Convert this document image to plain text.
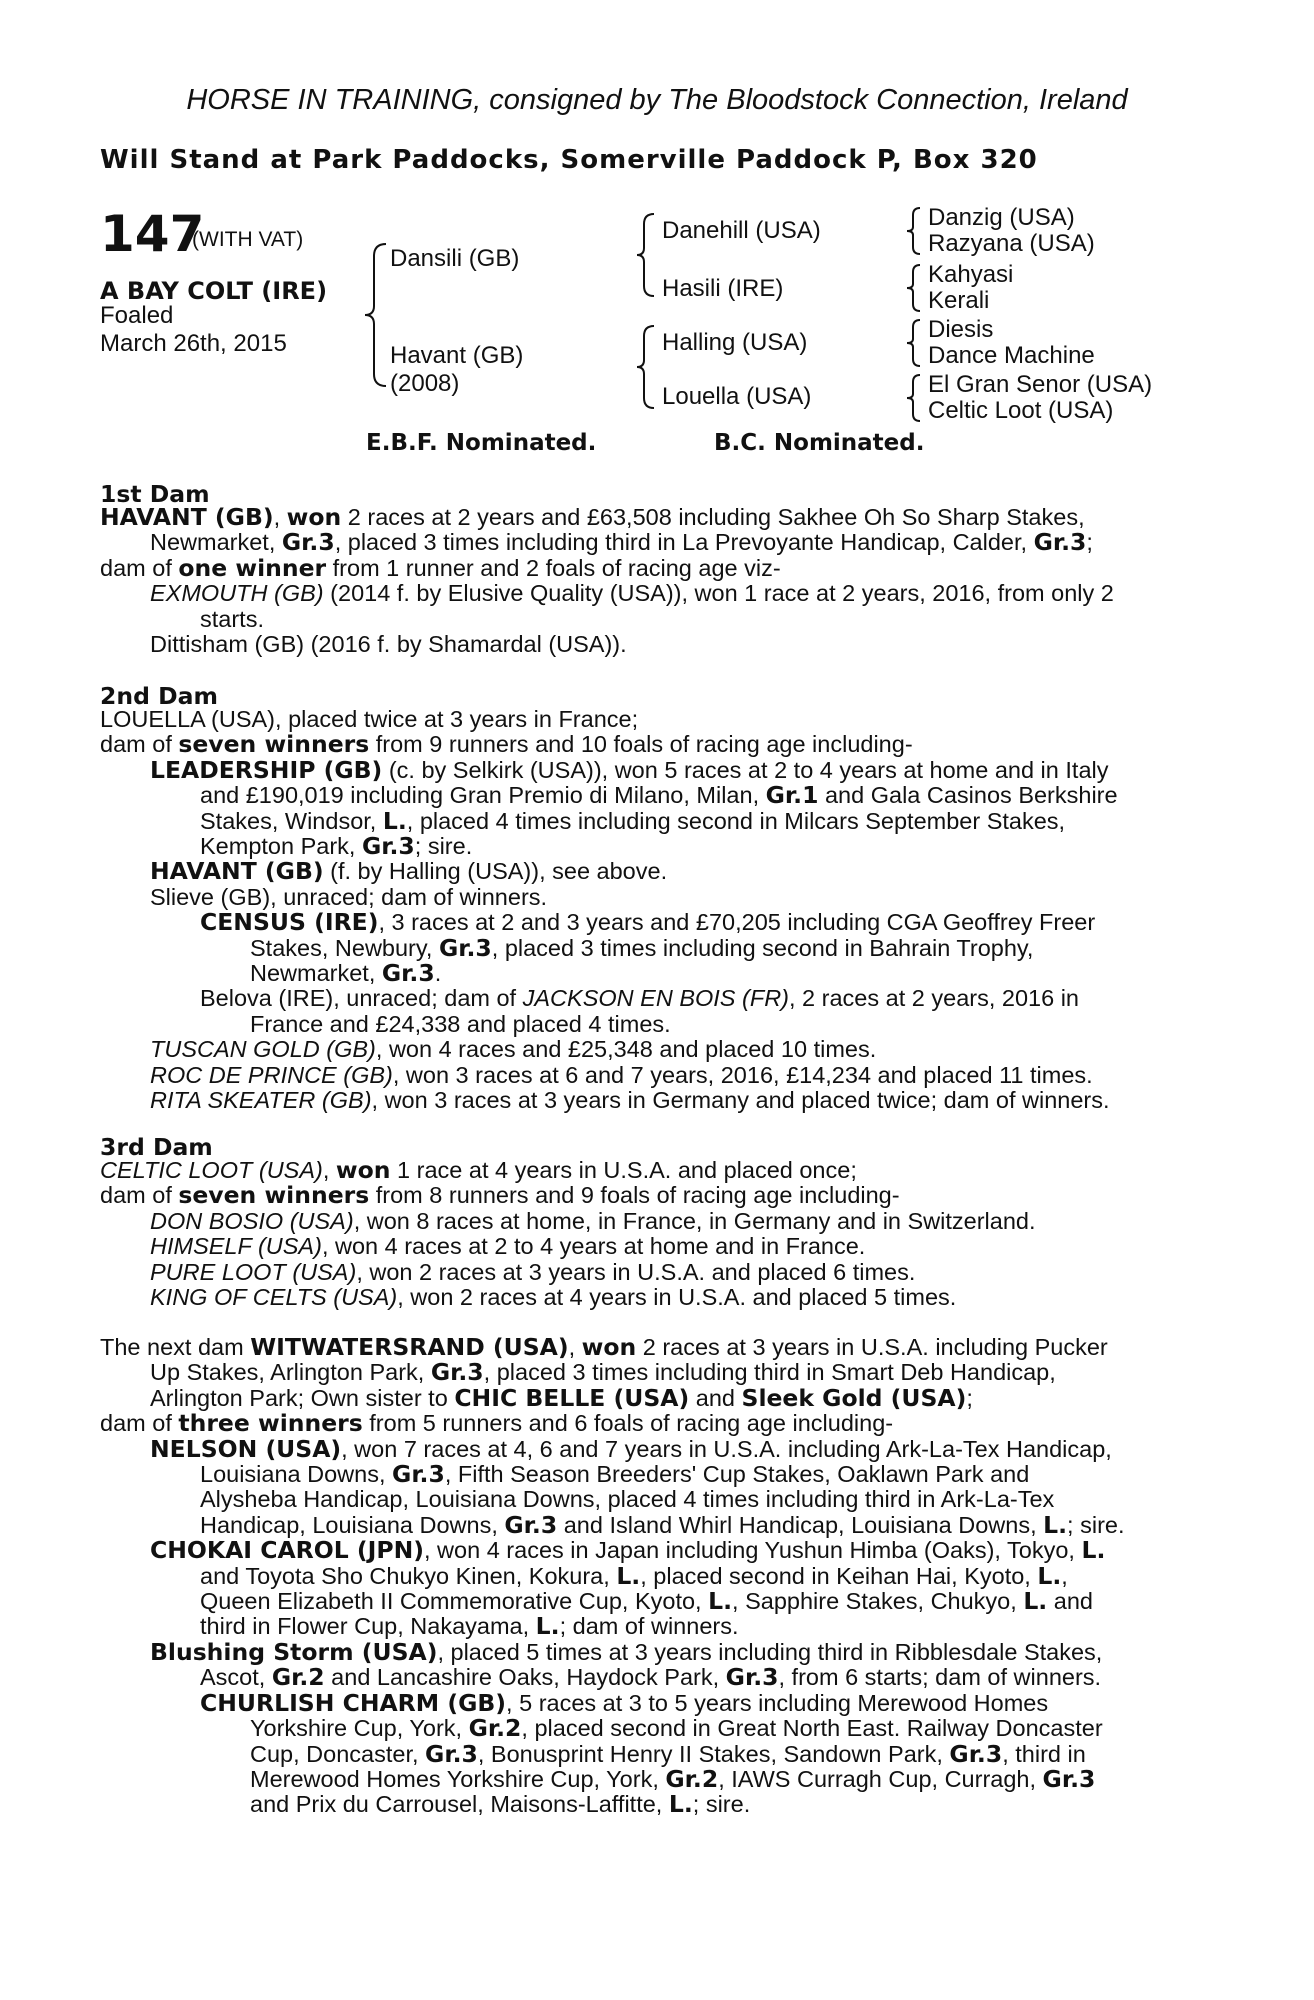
HORSE IN TRAINING, consigned by The Bloodstock Connection, Ireland
Will Stand at Park Paddocks, Somerville Paddock P, Box 320
147
(WITH VAT)
A BAY COLT (IRE)
Foaled
March 26th, 2015
Dansili (GB)
Havant (GB)
(2008)
Danehill (USA)
Hasili (IRE)
Halling (USA)
Louella (USA)
Danzig (USA)
Razyana (USA)
Kahyasi
Kerali
Diesis
Dance Machine
El Gran Senor (USA)
Celtic Loot (USA)
E.B.F. Nominated.	B.C. Nominated.
1st Dam
HAVANT (GB), won 2 races at 2 years and £63,508 including Sakhee Oh So Sharp Stakes,
Newmarket, Gr.3, placed 3 times including third in La Prevoyante Handicap, Calder, Gr.3;
dam of one winner from 1 runner and 2 foals of racing age viz-
EXMOUTH (GB) (2014 f. by Elusive Quality (USA)), won 1 race at 2 years, 2016, from only 2
starts.
Dittisham (GB) (2016 f. by Shamardal (USA)).
2nd Dam
LOUELLA (USA), placed twice at 3 years in France;
dam of seven winners from 9 runners and 10 foals of racing age including-
LEADERSHIP (GB) (c. by Selkirk (USA)), won 5 races at 2 to 4 years at home and in Italy
and £190,019 including Gran Premio di Milano, Milan, Gr.1 and Gala Casinos Berkshire
Stakes, Windsor, L., placed 4 times including second in Milcars September Stakes,
Kempton Park, Gr.3; sire.
HAVANT (GB) (f. by Halling (USA)), see above.
Slieve (GB), unraced; dam of winners.
CENSUS (IRE), 3 races at 2 and 3 years and £70,205 including CGA Geoffrey Freer
Stakes, Newbury, Gr.3, placed 3 times including second in Bahrain Trophy,
Newmarket, Gr.3.
Belova (IRE), unraced; dam of JACKSON EN BOIS (FR), 2 races at 2 years, 2016 in
France and £24,338 and placed 4 times.
TUSCAN GOLD (GB), won 4 races and £25,348 and placed 10 times.
ROC DE PRINCE (GB), won 3 races at 6 and 7 years, 2016, £14,234 and placed 11 times.
RITA SKEATER (GB), won 3 races at 3 years in Germany and placed twice; dam of winners.
3rd Dam
CELTIC LOOT (USA), won 1 race at 4 years in U.S.A. and placed once;
dam of seven winners from 8 runners and 9 foals of racing age including-
DON BOSIO (USA), won 8 races at home, in France, in Germany and in Switzerland.
HIMSELF (USA), won 4 races at 2 to 4 years at home and in France.
PURE LOOT (USA), won 2 races at 3 years in U.S.A. and placed 6 times.
KING OF CELTS (USA), won 2 races at 4 years in U.S.A. and placed 5 times.
The next dam WITWATERSRAND (USA), won 2 races at 3 years in U.S.A. including Pucker
Up Stakes, Arlington Park, Gr.3, placed 3 times including third in Smart Deb Handicap,
Arlington Park; Own sister to CHIC BELLE (USA) and Sleek Gold (USA);
dam of three winners from 5 runners and 6 foals of racing age including-
NELSON (USA), won 7 races at 4, 6 and 7 years in U.S.A. including Ark-La-Tex Handicap,
Louisiana Downs, Gr.3, Fifth Season Breeders' Cup Stakes, Oaklawn Park and
Alysheba Handicap, Louisiana Downs, placed 4 times including third in Ark-La-Tex
Handicap, Louisiana Downs, Gr.3 and Island Whirl Handicap, Louisiana Downs, L.; sire.
CHOKAI CAROL (JPN), won 4 races in Japan including Yushun Himba (Oaks), Tokyo, L.
and Toyota Sho Chukyo Kinen, Kokura, L., placed second in Keihan Hai, Kyoto, L.,
Queen Elizabeth II Commemorative Cup, Kyoto, L., Sapphire Stakes, Chukyo, L. and
third in Flower Cup, Nakayama, L.; dam of winners.
Blushing Storm (USA), placed 5 times at 3 years including third in Ribblesdale Stakes,
Ascot, Gr.2 and Lancashire Oaks, Haydock Park, Gr.3, from 6 starts; dam of winners.
CHURLISH CHARM (GB), 5 races at 3 to 5 years including Merewood Homes
Yorkshire Cup, York, Gr.2, placed second in Great North East. Railway Doncaster
Cup, Doncaster, Gr.3, Bonusprint Henry II Stakes, Sandown Park, Gr.3, third in
Merewood Homes Yorkshire Cup, York, Gr.2, IAWS Curragh Cup, Curragh, Gr.3
and Prix du Carrousel, Maisons-Laffitte, L.; sire.
